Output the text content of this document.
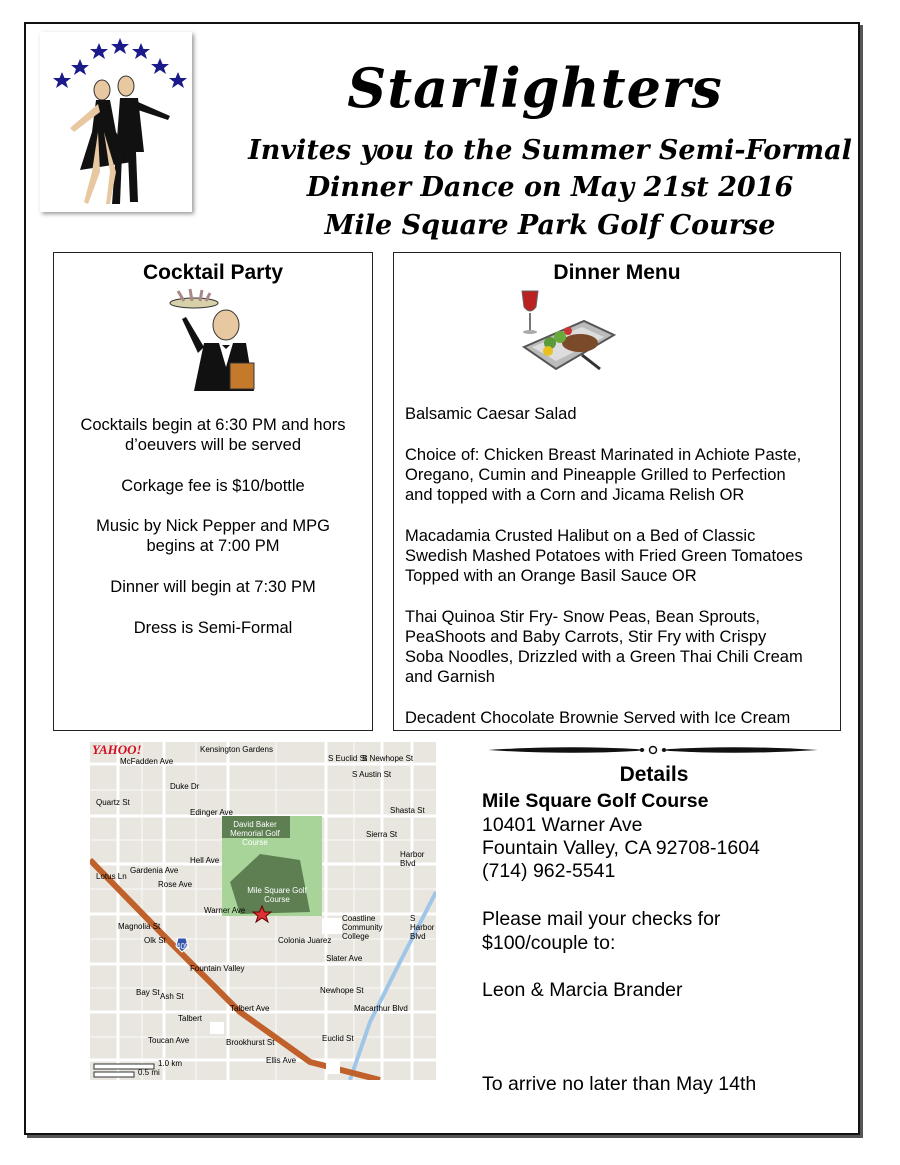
Starlighters
Invites you to the Summer Semi-Formal
Dinner Dance on May 21st 2016
Mile Square Park Golf Course
Cocktail Party
Cocktails begin at 6:30 PM and hors
d’oeuvers will be served
Corkage fee is $10/bottle
Music by Nick Pepper and MPG
begins at 7:00 PM
Dinner will begin at 7:30 PM
Dress is Semi-Formal
Dinner Menu
Balsamic Caesar Salad
Choice of: Chicken Breast Marinated in Achiote Paste,
Oregano, Cumin and Pineapple Grilled to Perfection
and topped with a Corn and Jicama Relish OR
Macadamia Crusted Halibut on a Bed of Classic
Swedish Mashed Potatoes with Fried Green Tomatoes
Topped with an Orange Basil Sauce OR
Thai Quinoa Stir Fry- Snow Peas, Bean Sprouts,
PeaShoots and Baby Carrots, Stir Fry with Crispy
Soba Noodles, Drizzled with a Green Thai Chili Cream
and Garnish
Decadent Chocolate Brownie Served with Ice Cream
YAHOO!	Kensington Gardens
McFadden Ave
Duke Dr
Edinger Ave
Hell Ave
Gardenia Ave
Rose Ave
Warner Ave
Slater Ave
Talbert Ave
Toucan Ave
Ellis Ave
Macarthur Blvd
Newhope St
Euclid St
S Euclid St
S Newhope St
S Austin St
Sierra St
Shasta St
Harbor Blvd
S Harbor Blvd
Magnolia St
Olk St
Bay St Ash St
Brookhurst St
Quartz St
Lotus Ln
David Baker Memorial Golf Course
Mile Square Golf Course
Coastline Community College
Colonia Juarez
Fountain Valley
Talbert
405
1.0 km
0.5 mi
Details
Mile Square Golf Course
10401 Warner Ave
Fountain Valley, CA 92708-1604
(714) 962-5541
Please mail your checks for
$100/couple to:
Leon & Marcia Brander
To arrive no later than May 14th
